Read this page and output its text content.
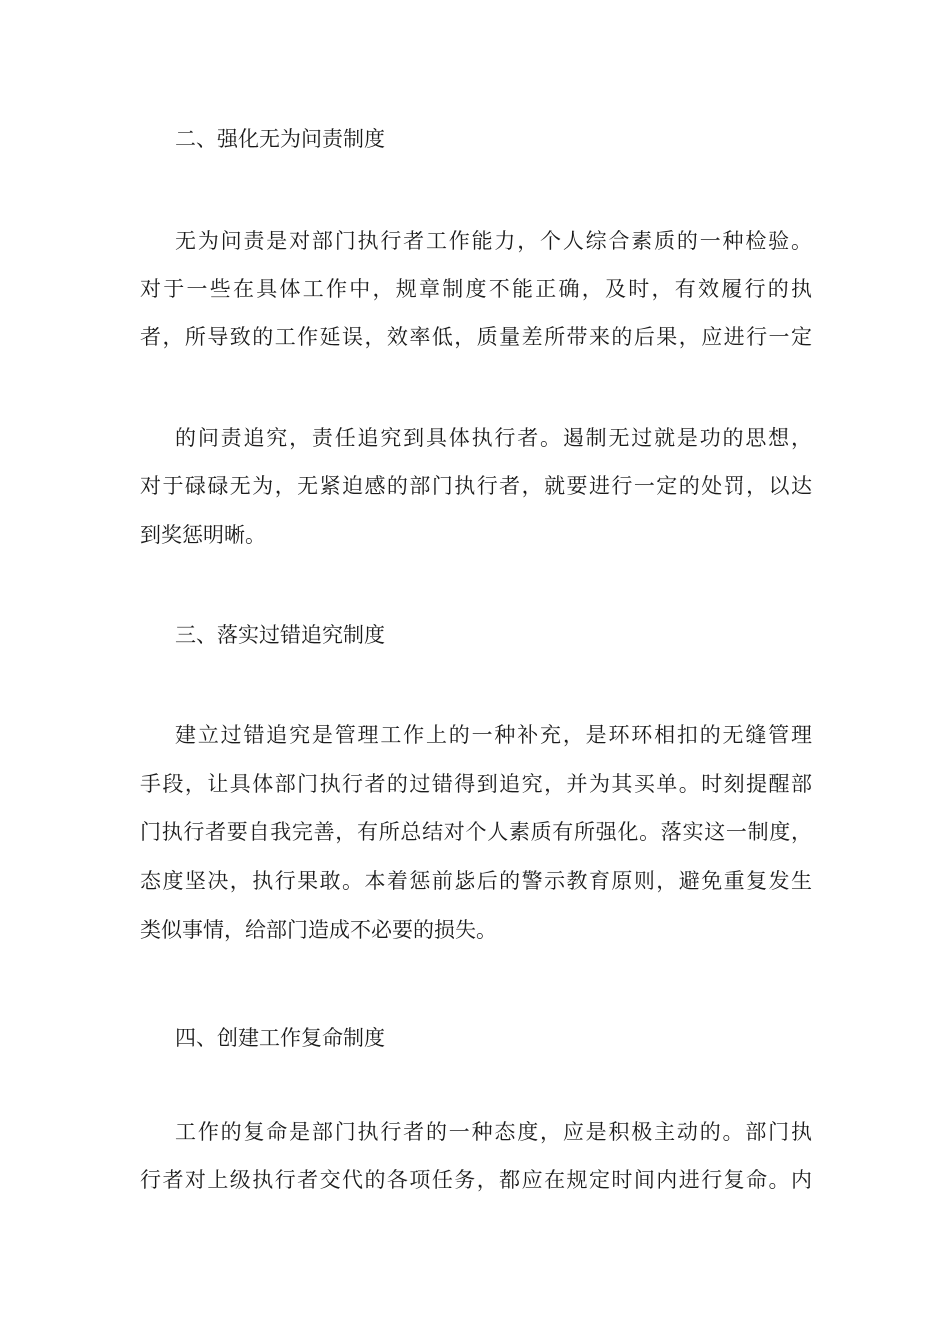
二、强化无为问责制度
无为问责是对部门执行者工作能力，个人综合素质的一种检验。
对于一些在具体工作中，规章制度不能正确，及时，有效履行的执
者，所导致的工作延误，效率低，质量差所带来的后果，应进行一定
的问责追究，责任追究到具体执行者。遏制无过就是功的思想，
对于碌碌无为，无紧迫感的部门执行者，就要进行一定的处罚，以达
到奖惩明晰。
三、落实过错追究制度
建立过错追究是管理工作上的一种补充，是环环相扣的无缝管理
手段，让具体部门执行者的过错得到追究，并为其买单。时刻提醒部
门执行者要自我完善，有所总结对个人素质有所强化。落实这一制度，
态度坚决，执行果敢。本着惩前毖后的警示教育原则，避免重复发生
类似事情，给部门造成不必要的损失。
四、创建工作复命制度
工作的复命是部门执行者的一种态度，应是积极主动的。部门执
行者对上级执行者交代的各项任务，都应在规定时间内进行复命。内
